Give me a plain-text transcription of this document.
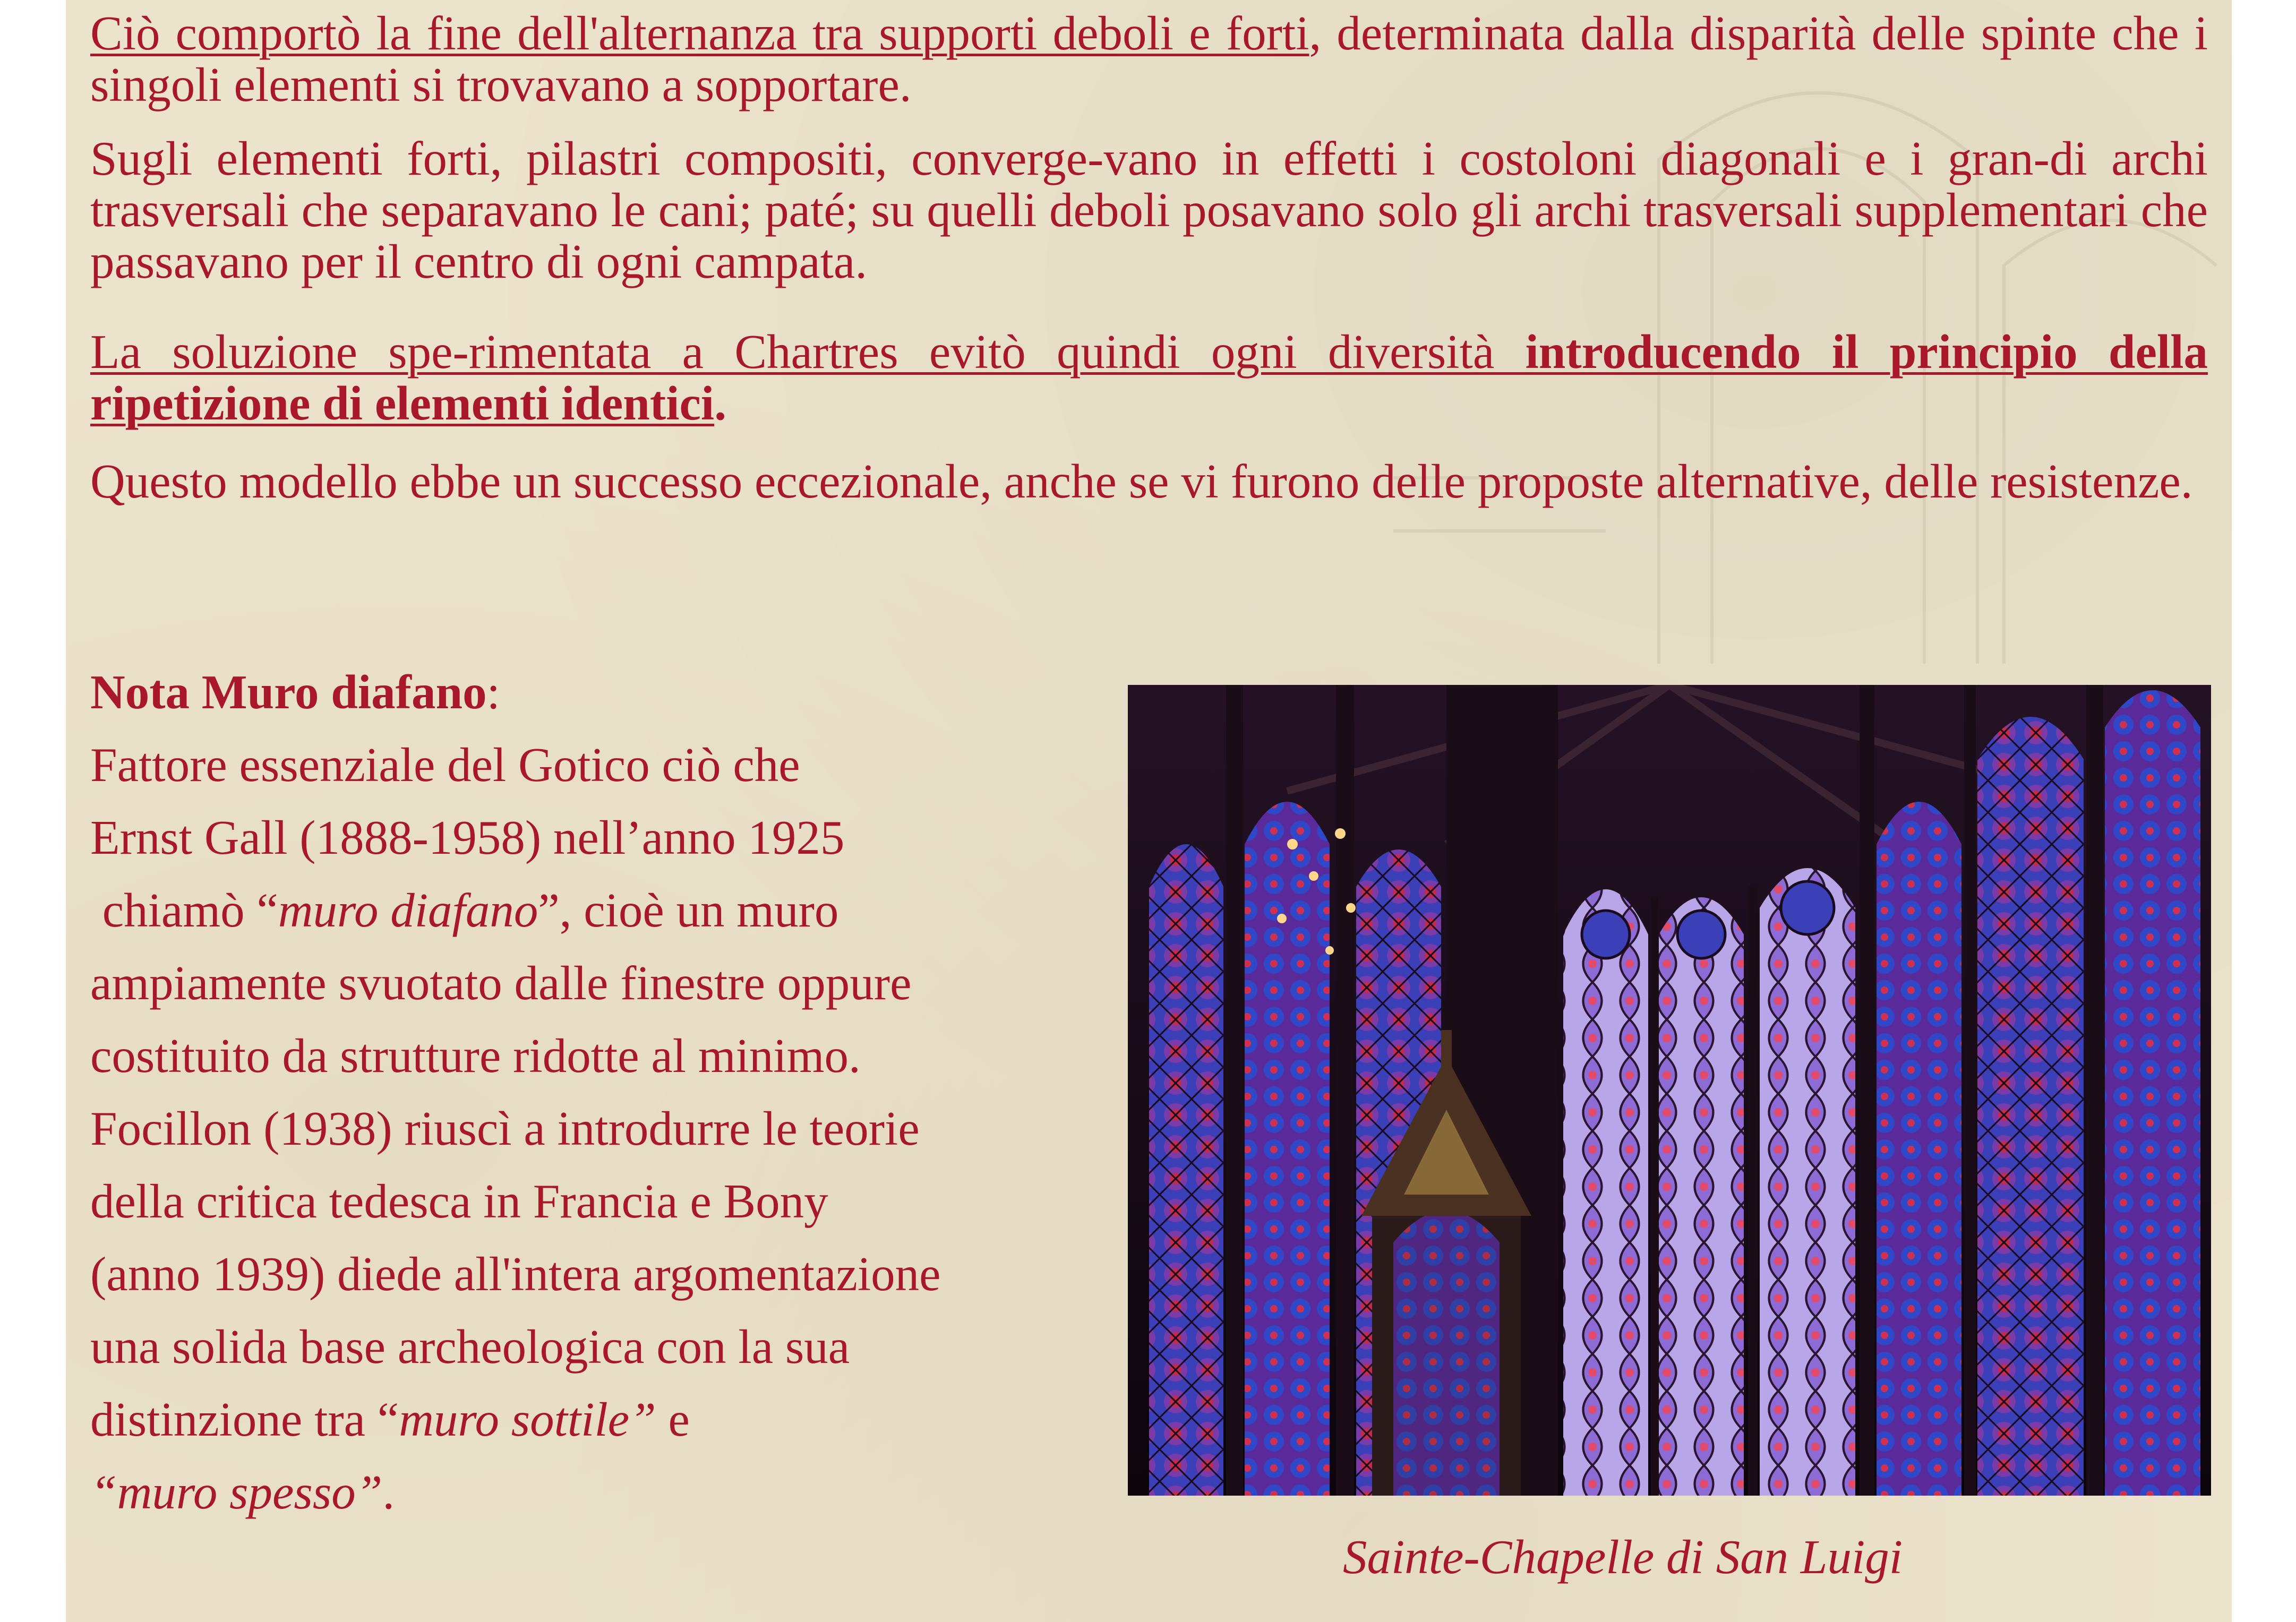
Ciò comportò la fine dell'alternanza tra supporti deboli e forti, determinata dalla disparità delle spinte che i singoli elementi si trovavano a sopportare.

Sugli elementi forti, pilastri compositi, converge-vano in effetti i costoloni diagonali e i gran-di archi trasversali che separavano le cani; paté; su quelli deboli posavano solo gli archi trasversali supplementari che passavano per il centro di ogni campata.

La soluzione spe-rimentata a Chartres evitò quindi ogni diversità introducendo il principio della ripetizione di elementi identici.

Questo modello ebbe un successo eccezionale, anche se vi furono delle proposte alternative, delle resistenze.

Nota Muro diafano:
Fattore essenziale del Gotico ciò che
Ernst Gall (1888-1958) nell’anno 1925
chiamò “muro diafano”, cioè un muro
ampiamente svuotato dalle finestre oppure
costituito da strutture ridotte al minimo.
Focillon (1938) riuscì a introdurre le teorie
della critica tedesca in Francia e Bony
(anno 1939) diede all'intera argomentazione
una solida base archeologica con la sua
distinzione tra “muro sottile” e
“muro spesso”.

Sainte-Chapelle di San Luigi
